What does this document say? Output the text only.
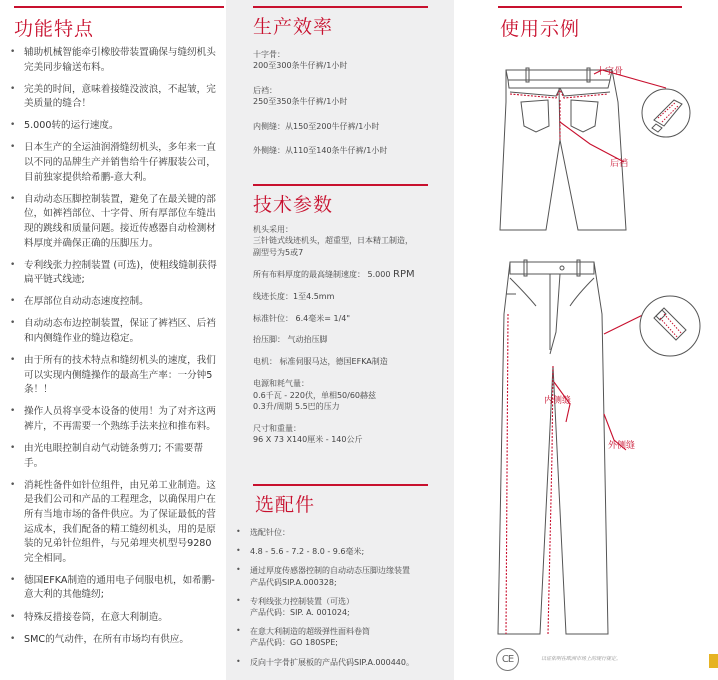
功能特点
• 辅助机械智能牵引橡胶带装置确保与缝纫机头完美同步输送布料。
• 完美的时间，意味着接缝没波浪，不起皱，完美质量的缝合！
• 5.000转的运行速度。
• 日本生产的全运油润滑缝纫机头，多年来一直以不同的品牌生产并销售给牛仔裤服装公司，目前独家提供给希鹏-意大利。
• 自动动态压脚控制装置，避免了在最关键的部位，如裤裆部位、十字骨、所有厚部位车缝出现的跳线和质量问题。接近传感器自动检测材料厚度并确保正确的压脚压力。
• 专利线张力控制装置 (可选)，使粗线缝制获得扁平链式线迹;
• 在厚部位自动动态速度控制。
• 自动动态布边控制装置，保证了裤裆区、后裆和内侧缝作业的缝边稳定。
• 由于所有的技术特点和缝纫机头的速度，我们可以实现内侧缝操作的最高生产率：一分钟5条！！
• 操作人员将享受本设备的使用！为了对齐这两裤片，不再需要一个熟练手法来拉和推布料。
• 由光电眼控制自动气动链条剪刀; 不需要帮手。
• 消耗性备件如针位组件，由兄弟工业制造。这是我们公司和产品的工程理念，以确保用户在所有当地市场的备件供应。为了保证最低的营运成本，我们配备的精工缝纫机头，用的是原装的兄弟针位组件，与兄弟埋夹机型号9280完全相同。
• 德国EFKA制造的通用电子伺服电机，如希鹏-意大利的其他缝纫;
• 特殊反措接卷筒，在意大利制造。
• SMC的气动件，在所有市场均有供应。
生产效率

十字骨：

200至300条牛仔裤/1小时

后裆：

250至350条牛仔裤/1小时

内侧缝：从150至200牛仔裤/1小时

外侧缝：从110至140条牛仔裤/1小时

技术参数

机头采用：

三针链式线迹机头，超重型，日本精工制造，

副型号为5或7

所有布料厚度的最高缝制速度： 5.000 RPM

线迹长度：1至4.5mm

标准针位： 6.4毫米= 1/4"

抬压脚： 气动抬压脚

电机： 标准伺服马达，德国EFKA制造

电源和耗气量：

0.6千瓦 - 220伏，单相50/60赫兹

0.3升/周期 5.5巴的压力

尺寸和重量：

96 X 73 X140厘米 - 140公斤

选配件
• 选配针位：
• 4.8 - 5.6 - 7.2 - 8.0 - 9.6毫米;
• 通过厚度传感器控制的自动动态压脚边缘装置
产品代码SIP.A.000328;
• 专利线张力控制装置（可选）
产品代码：SIP. A. 001024;
• 在意大利制造的超级弹性面料卷筒
产品代码：GO 180SPE;
• 反向十字骨扩展板的产品代码SIP.A.000440。
使用示例
十字骨
后裆
内侧缝
外侧缝
CE	以证依明在欧洲市场上的现行规定。
